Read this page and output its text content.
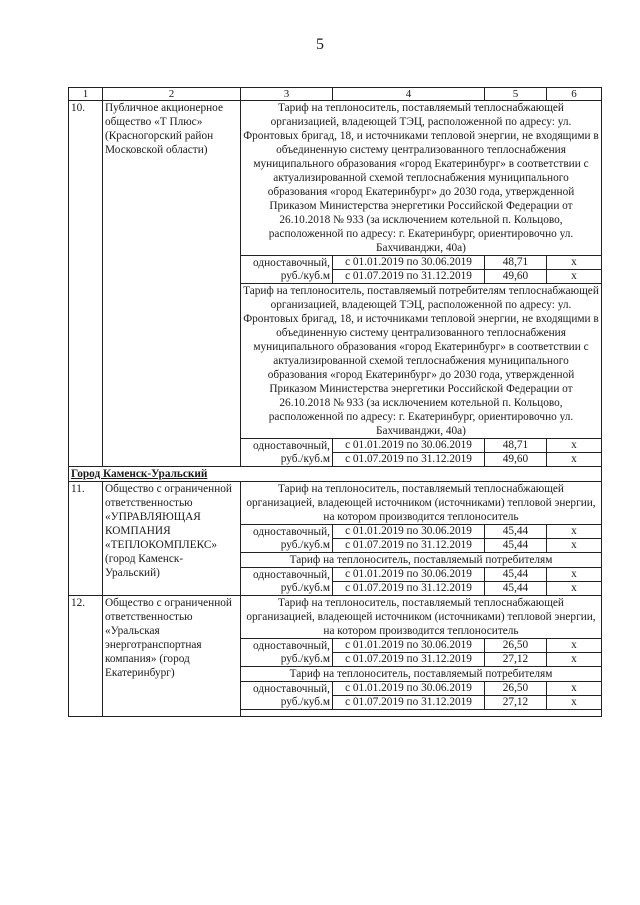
5
1	2	3	4	5	6
10.	Публичное акционерное общество «Т Плюс» (Красногорский район Московской области)	Тариф на теплоноситель, поставляемый теплоснабжающей организацией, владеющей ТЭЦ, расположенной по адресу: ул. Фронтовых бригад, 18, и источниками тепловой энергии, не входящими в объединенную систему централизованного теплоснабжения муниципального образования «город Екатеринбург» в соответствии с актуализированной схемой теплоснабжения муниципального образования «город Екатеринбург» до 2030 года, утвержденной Приказом Министерства энергетики Российской Федерации от 26.10.2018 № 933 (за исключением котельной п. Кольцово, расположенной по адресу: г. Екатеринбург, ориентировочно ул. Бахчиванджи, 40а)			
		одноставочный, руб./куб.м	с 01.01.2019 по 30.06.2019	48,71	х
			с 01.07.2019 по 31.12.2019	49,60	х
		Тариф на теплоноситель, поставляемый потребителям теплоснабжающей организацией, владеющей ТЭЦ, расположенной по адресу: ул. Фронтовых бригад, 18, и источниками тепловой энергии, не входящими в объединенную систему централизованного теплоснабжения муниципального образования «город Екатеринбург» в соответствии с актуализированной схемой теплоснабжения муниципального образования «город Екатеринбург» до 2030 года, утвержденной Приказом Министерства энергетики Российской Федерации от 26.10.2018 № 933 (за исключением котельной п. Кольцово, расположенной по адресу: г. Екатеринбург, ориентировочно ул. Бахчиванджи, 40а)			
		одноставочный, руб./куб.м	с 01.01.2019 по 30.06.2019	48,71	х
			с 01.07.2019 по 31.12.2019	49,60	х
Город Каменск-Уральский					
11.	Общество с ограниченной ответственностью «УПРАВЛЯЮЩАЯ КОМПАНИЯ «ТЕПЛОКОМПЛЕКС» (город Каменск-Уральский)	Тариф на теплоноситель, поставляемый теплоснабжающей организацией, владеющей источником (источниками) тепловой энергии, на котором производится теплоноситель			
		одноставочный, руб./куб.м	с 01.01.2019 по 30.06.2019	45,44	х
			с 01.07.2019 по 31.12.2019	45,44	х
		Тариф на теплоноситель, поставляемый потребителям			
		одноставочный, руб./куб.м	с 01.01.2019 по 30.06.2019	45,44	х
			с 01.07.2019 по 31.12.2019	45,44	х
12.	Общество с ограниченной ответственностью «Уральская энерготранспортная компания» (город Екатеринбург)	Тариф на теплоноситель, поставляемый теплоснабжающей организацией, владеющей источником (источниками) тепловой энергии, на котором производится теплоноситель			
		одноставочный, руб./куб.м	с 01.01.2019 по 30.06.2019	26,50	х
			с 01.07.2019 по 31.12.2019	27,12	х
		Тариф на теплоноситель, поставляемый потребителям			
		одноставочный, руб./куб.м	с 01.01.2019 по 30.06.2019	26,50	х
			с 01.07.2019 по 31.12.2019	27,12	х
